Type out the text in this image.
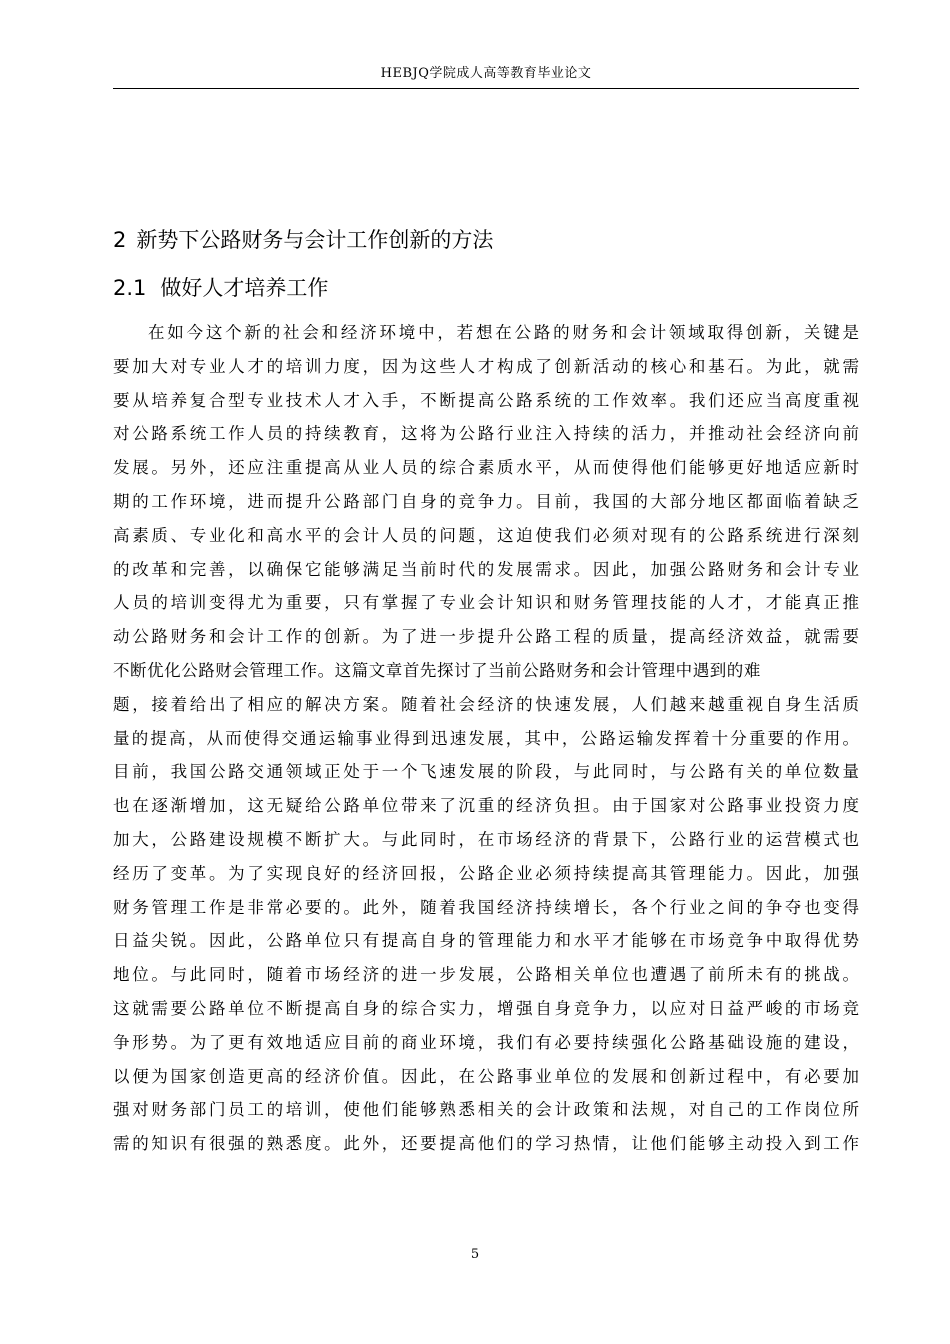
HEBJQ学院成人高等教育毕业论文
2 新势下公路财务与会计工作创新的方法
2.1 做好人才培养工作
在如今这个新的社会和经济环境中，若想在公路的财务和会计领域取得创新，关键是
要加大对专业人才的培训力度，因为这些人才构成了创新活动的核心和基石。为此，就需
要从培养复合型专业技术人才入手，不断提高公路系统的工作效率。我们还应当高度重视
对公路系统工作人员的持续教育，这将为公路行业注入持续的活力，并推动社会经济向前
发展。另外，还应注重提高从业人员的综合素质水平，从而使得他们能够更好地适应新时
期的工作环境，进而提升公路部门自身的竞争力。目前，我国的大部分地区都面临着缺乏
高素质、专业化和高水平的会计人员的问题，这迫使我们必须对现有的公路系统进行深刻
的改革和完善，以确保它能够满足当前时代的发展需求。因此，加强公路财务和会计专业
人员的培训变得尤为重要，只有掌握了专业会计知识和财务管理技能的人才，才能真正推
动公路财务和会计工作的创新。为了进一步提升公路工程的质量，提高经济效益，就需要
不断优化公路财会管理工作。这篇文章首先探讨了当前公路财务和会计管理中遇到的难
题，接着给出了相应的解决方案。随着社会经济的快速发展，人们越来越重视自身生活质
量的提高，从而使得交通运输事业得到迅速发展，其中，公路运输发挥着十分重要的作用。
目前，我国公路交通领域正处于一个飞速发展的阶段，与此同时，与公路有关的单位数量
也在逐渐增加，这无疑给公路单位带来了沉重的经济负担。由于国家对公路事业投资力度
加大，公路建设规模不断扩大。与此同时，在市场经济的背景下，公路行业的运营模式也
经历了变革。为了实现良好的经济回报，公路企业必须持续提高其管理能力。因此，加强
财务管理工作是非常必要的。此外，随着我国经济持续增长，各个行业之间的争夺也变得
日益尖锐。因此，公路单位只有提高自身的管理能力和水平才能够在市场竞争中取得优势
地位。与此同时，随着市场经济的进一步发展，公路相关单位也遭遇了前所未有的挑战。
这就需要公路单位不断提高自身的综合实力，增强自身竞争力，以应对日益严峻的市场竞
争形势。为了更有效地适应目前的商业环境，我们有必要持续强化公路基础设施的建设，
以便为国家创造更高的经济价值。因此，在公路事业单位的发展和创新过程中，有必要加
强对财务部门员工的培训，使他们能够熟悉相关的会计政策和法规，对自己的工作岗位所
需的知识有很强的熟悉度。此外，还要提高他们的学习热情，让他们能够主动投入到工作
5
